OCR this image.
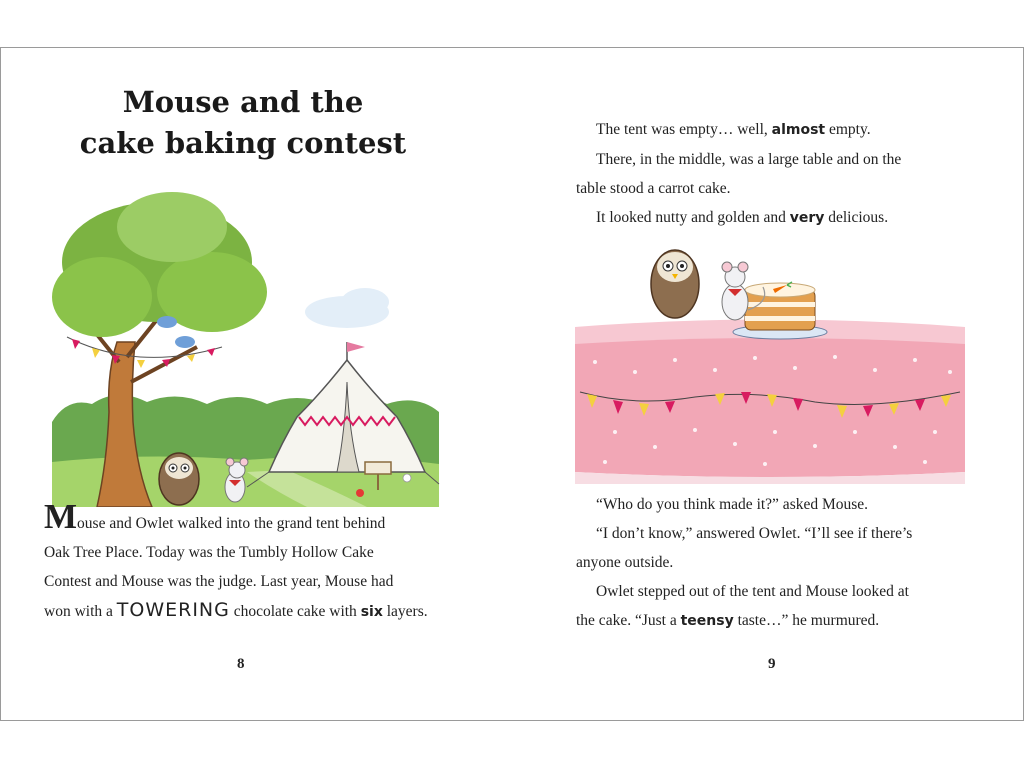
Mouse and the
cake baking contest

Mouse and Owlet walked into the grand tent behind

Oak Tree Place. Today was the Tumbly Hollow Cake

Contest and Mouse was the judge. Last year, Mouse had

won with a TOWERING chocolate cake with six layers.

8

The tent was empty… well, almost empty.

There, in the middle, was a large table and on the

table stood a carrot cake.

It looked nutty and golden and very delicious.

“Who do you think made it?” asked Mouse.

“I don’t know,” answered Owlet. “I’ll see if there’s

anyone outside.

Owlet stepped out of the tent and Mouse looked at

the cake. “Just a teensy taste…” he murmured.

9
